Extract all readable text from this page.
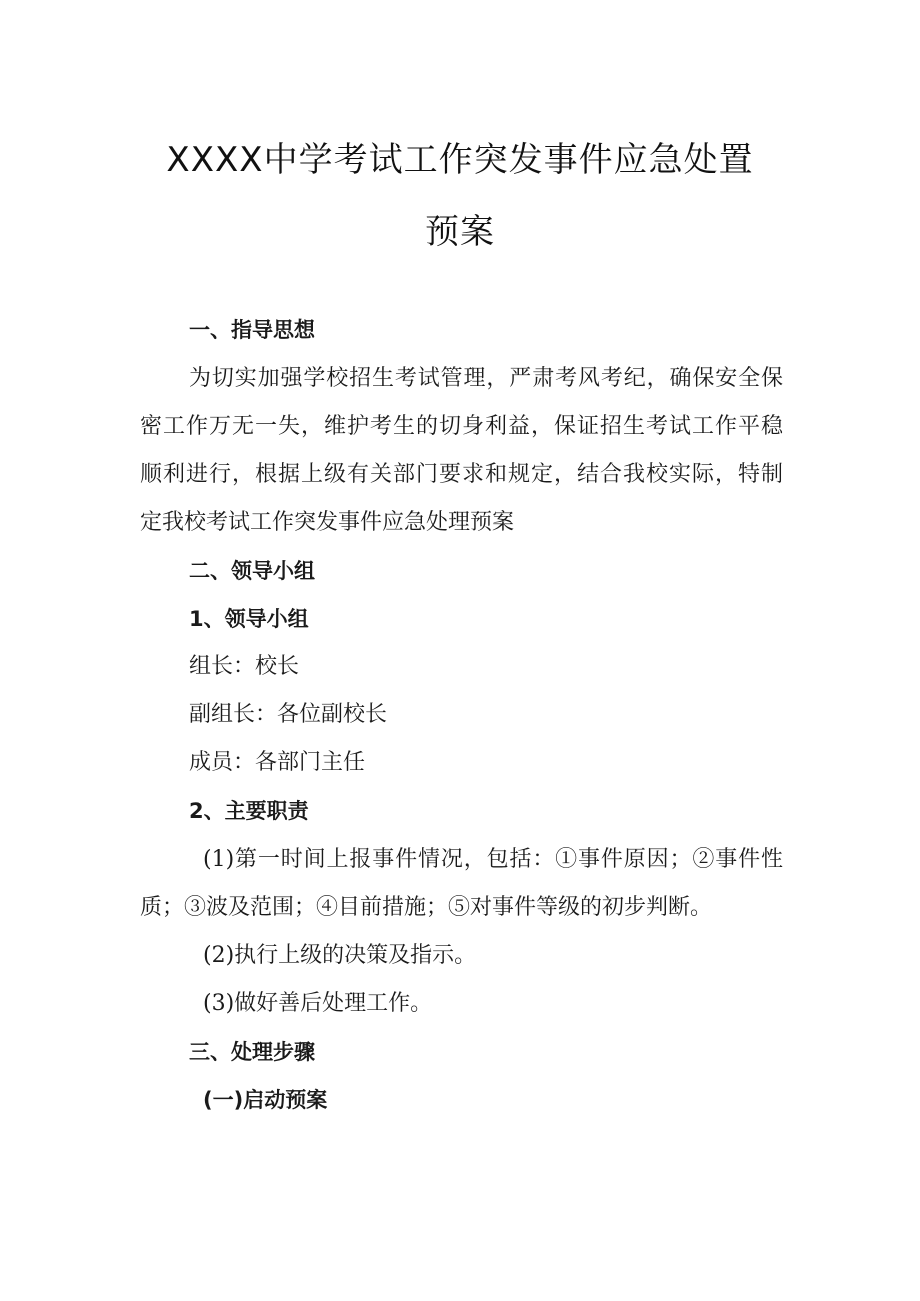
XXXX中学考试工作突发事件应急处置
预案
一、指导思想
为切实加强学校招生考试管理，严肃考风考纪，确保安全保
密工作万无一失，维护考生的切身利益，保证招生考试工作平稳
顺利进行，根据上级有关部门要求和规定，结合我校实际，特制
定我校考试工作突发事件应急处理预案
二、领导小组
1、领导小组
组长：校长
副组长：各位副校长
成员：各部门主任
2、主要职责
(1)第一时间上报事件情况，包括：①事件原因；②事件性
质；③波及范围；④目前措施；⑤对事件等级的初步判断。
(2)执行上级的决策及指示。
(3)做好善后处理工作。
三、处理步骤
(一)启动预案
